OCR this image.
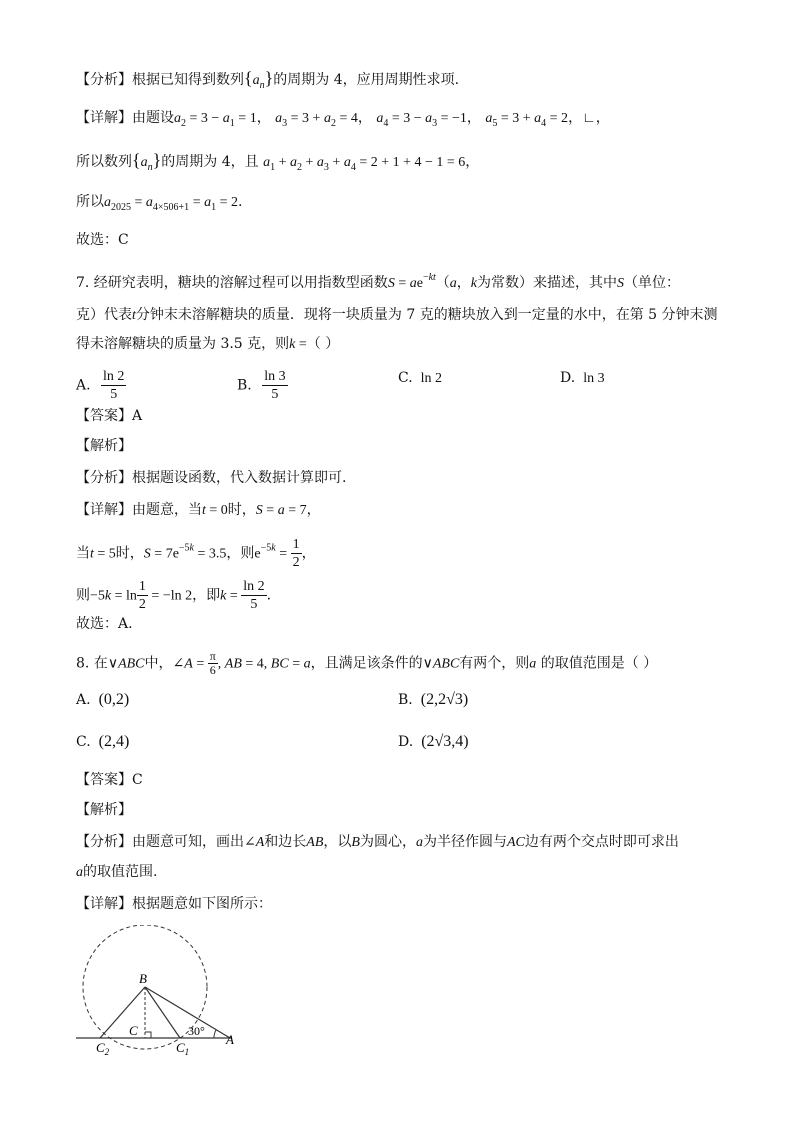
【分析】根据已知得到数列$\{a_n\}$的周期为 4，应用周期性求项.
【详解】由题设$a_2 = 3 - a_1 = 1$， $a_3 = 3 + a_2 = 4$， $a_4 = 3 - a_3 = -1$， $a_5 = 3 + a_4 = 2$，∟，
所以数列$\{a_n\}$的周期为 4，且 $a_1 + a_2 + a_3 + a_4 = 2 + 1 + 4 - 1 = 6$，
所以$a_{2025} = a_{4\times 506+1} = a_1 = 2$.
故选：C
7. 经研究表明，糖块的溶解过程可以用指数型函数$S = ae^{-kt}(a$，k为常数）来描述，其中S（单位：
克）代表t分钟末未溶解糖块的质量．现将一块质量为 7 克的糖块放入到一定量的水中，在第 5 分钟末测
得未溶解糖块的质量为 3.5 克，则k =（ ）
A. $\frac{\ln 2}{5}$	B. $\frac{\ln 3}{5}$	C. ln 2	D. ln 3
【答案】A
【解析】
【分析】根据题设函数，代入数据计算即可.
【详解】由题意，当t = 0时，S = a = 7，
当t = 5时，$S = 7e^{-5k} = 3.5$，则$e^{-5k} = \frac{1}{2}$ ，
则$-5k = \ln \frac{1}{2} = -\ln$ 2，即$k = \frac{\ln 2}{5}$ .
故选：A.
8. 在∨ABC中，∠A = $\frac{\pi}{6}$ , AB = 4, BC = a，且满足该条件的∨ABC有两个，则a 的取值范围是（ ）
A. (0,2)	B. (2,2√3)
C. (2,4)	D. (2√3,4)
【答案】C
【解析】
【分析】由题意可知，画出∠A和边长AB，以B为圆心，a为半径作圆与AC边有两个交点时即可求出
a的取值范围.
【详解】根据题意如下图所示：
B
C	30°
A
$C_2$	$C_1$
